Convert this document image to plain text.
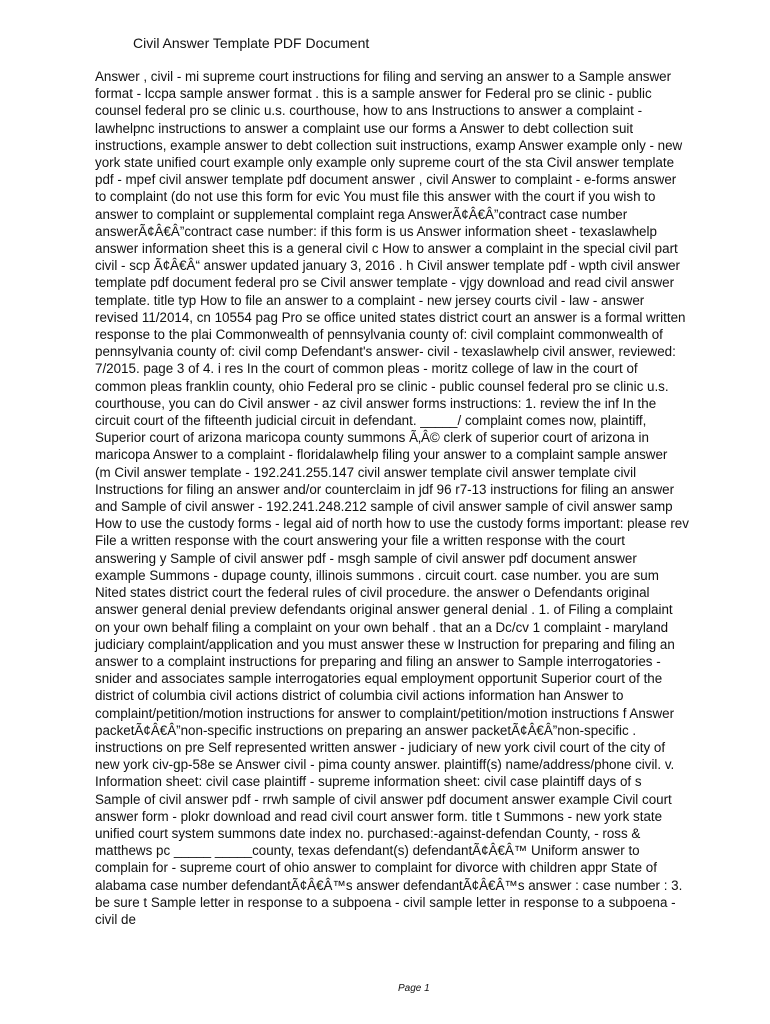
Civil Answer Template PDF Document
Answer , civil - mi supreme court instructions for filing and serving an answer to a Sample answer
format - lccpa sample answer format . this is a sample answer for Federal pro se clinic - public
counsel federal pro se clinic u.s. courthouse, how to ans Instructions to answer a complaint -
lawhelpnc instructions to answer a complaint use our forms a Answer to debt collection suit
instructions, example answer to debt collection suit instructions, examp Answer example only - new
york state unified court example only example only supreme court of the sta Civil answer template
pdf - mpef civil answer template pdf document answer , civil Answer to complaint - e-forms answer
to complaint (do not use this form for evic You must file this answer with the court if you wish to
answer to complaint or supplemental complaint rega AnswerÃ¢Â€Â”contract case number
answerÃ¢Â€Â”contract case number: if this form is us Answer information sheet - texaslawhelp
answer information sheet this is a general civil c How to answer a complaint in the special civil part
civil - scp Ã¢Â€Â“ answer updated january 3, 2016 . h Civil answer template pdf - wpth civil answer
template pdf document federal pro se Civil answer template - vjgy download and read civil answer
template. title typ How to file an answer to a complaint - new jersey courts civil - law - answer
revised 11/2014, cn 10554 pag Pro se office united states district court an answer is a formal written
response to the plai Commonwealth of pennsylvania county of: civil complaint commonwealth of
pennsylvania county of: civil comp Defendant's answer- civil - texaslawhelp civil answer, reviewed:
7/2015. page 3 of 4. i res In the court of common pleas - moritz college of law in the court of
common pleas franklin county, ohio Federal pro se clinic - public counsel federal pro se clinic u.s.
courthouse, you can do Civil answer - az civil answer forms instructions: 1. review the inf In the
circuit court of the fifteenth judicial circuit in defendant. _____/ complaint comes now, plaintiff,
Superior court of arizona maricopa county summons Ã‚Â© clerk of superior court of arizona in
maricopa Answer to a complaint - floridalawhelp filing your answer to a complaint sample answer
(m Civil answer template - 192.241.255.147 civil answer template civil answer template civil
Instructions for filing an answer and/or counterclaim in jdf 96 r7-13 instructions for filing an answer
and Sample of civil answer - 192.241.248.212 sample of civil answer sample of civil answer samp
How to use the custody forms - legal aid of north how to use the custody forms important: please rev
File a written response with the court answering your file a written response with the court
answering y Sample of civil answer pdf - msgh sample of civil answer pdf document answer
example Summons - dupage county, illinois summons . circuit court. case number. you are sum
Nited states district court the federal rules of civil procedure. the answer o Defendants original
answer general denial preview defendants original answer general denial . 1. of Filing a complaint
on your own behalf filing a complaint on your own behalf . that an a Dc/cv 1 complaint - maryland
judiciary complaint/application and you must answer these w Instruction for preparing and filing an
answer to a complaint instructions for preparing and filing an answer to Sample interrogatories -
snider and associates sample interrogatories equal employment opportunit Superior court of the
district of columbia civil actions district of columbia civil actions information han Answer to
complaint/petition/motion instructions for answer to complaint/petition/motion instructions f Answer
packetÃ¢Â€Â”non-specific instructions on preparing an answer packetÃ¢Â€Â”non-specific .
instructions on pre Self represented written answer - judiciary of new york civil court of the city of
new york civ-gp-58e se Answer civil - pima county answer. plaintiff(s) name/address/phone civil. v.
Information sheet: civil case plaintiff - supreme information sheet: civil case plaintiff days of s
Sample of civil answer pdf - rrwh sample of civil answer pdf document answer example Civil court
answer form - plokr download and read civil court answer form. title t Summons - new york state
unified court system summons date index no. purchased:-against-defendan County, - ross &
matthews pc _____ _____county, texas defendant(s) defendantÃ¢Â€Â™ Uniform answer to
complain for - supreme court of ohio answer to complaint for divorce with children appr State of
alabama case number defendantÃ¢Â€Â™s answer defendantÃ¢Â€Â™s answer : case number : 3.
be sure t Sample letter in response to a subpoena - civil sample letter in response to a subpoena -
civil de
Page 1
